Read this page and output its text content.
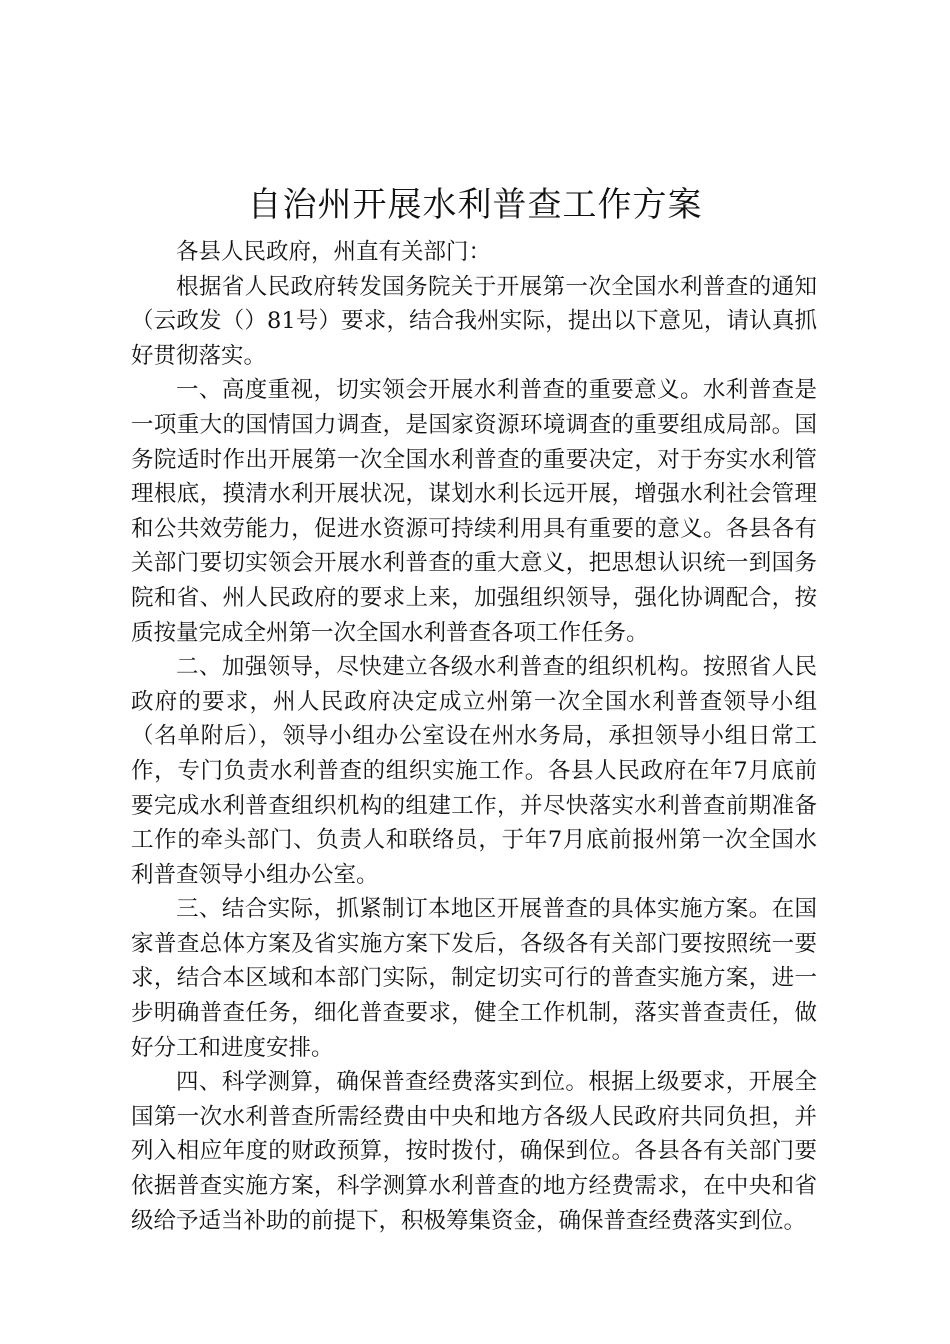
自治州开展水利普查工作方案

各县人民政府，州直有关部门：

根据省人民政府转发国务院关于开展第一次全国水利普查的通知（云政发（）81号）要求，结合我州实际，提出以下意见，请认真抓好贯彻落实。

一、高度重视，切实领会开展水利普查的重要意义。水利普查是一项重大的国情国力调查，是国家资源环境调查的重要组成局部。国务院适时作出开展第一次全国水利普查的重要决定，对于夯实水利管理根底，摸清水利开展状况，谋划水利长远开展，增强水利社会管理和公共效劳能力，促进水资源可持续利用具有重要的意义。各县各有关部门要切实领会开展水利普查的重大意义，把思想认识统一到国务院和省、州人民政府的要求上来，加强组织领导，强化协调配合，按质按量完成全州第一次全国水利普查各项工作任务。

二、加强领导，尽快建立各级水利普查的组织机构。按照省人民政府的要求，州人民政府决定成立州第一次全国水利普查领导小组（名单附后），领导小组办公室设在州水务局，承担领导小组日常工作，专门负责水利普查的组织实施工作。各县人民政府在年7月底前要完成水利普查组织机构的组建工作，并尽快落实水利普查前期准备工作的牵头部门、负责人和联络员，于年7月底前报州第一次全国水利普查领导小组办公室。

三、结合实际，抓紧制订本地区开展普查的具体实施方案。在国家普查总体方案及省实施方案下发后，各级各有关部门要按照统一要求，结合本区域和本部门实际，制定切实可行的普查实施方案，进一步明确普查任务，细化普查要求，健全工作机制，落实普查责任，做好分工和进度安排。

四、科学测算，确保普查经费落实到位。根据上级要求，开展全国第一次水利普查所需经费由中央和地方各级人民政府共同负担，并列入相应年度的财政预算，按时拨付，确保到位。各县各有关部门要依据普查实施方案，科学测算水利普查的地方经费需求，在中央和省级给予适当补助的前提下，积极筹集资金，确保普查经费落实到位。
